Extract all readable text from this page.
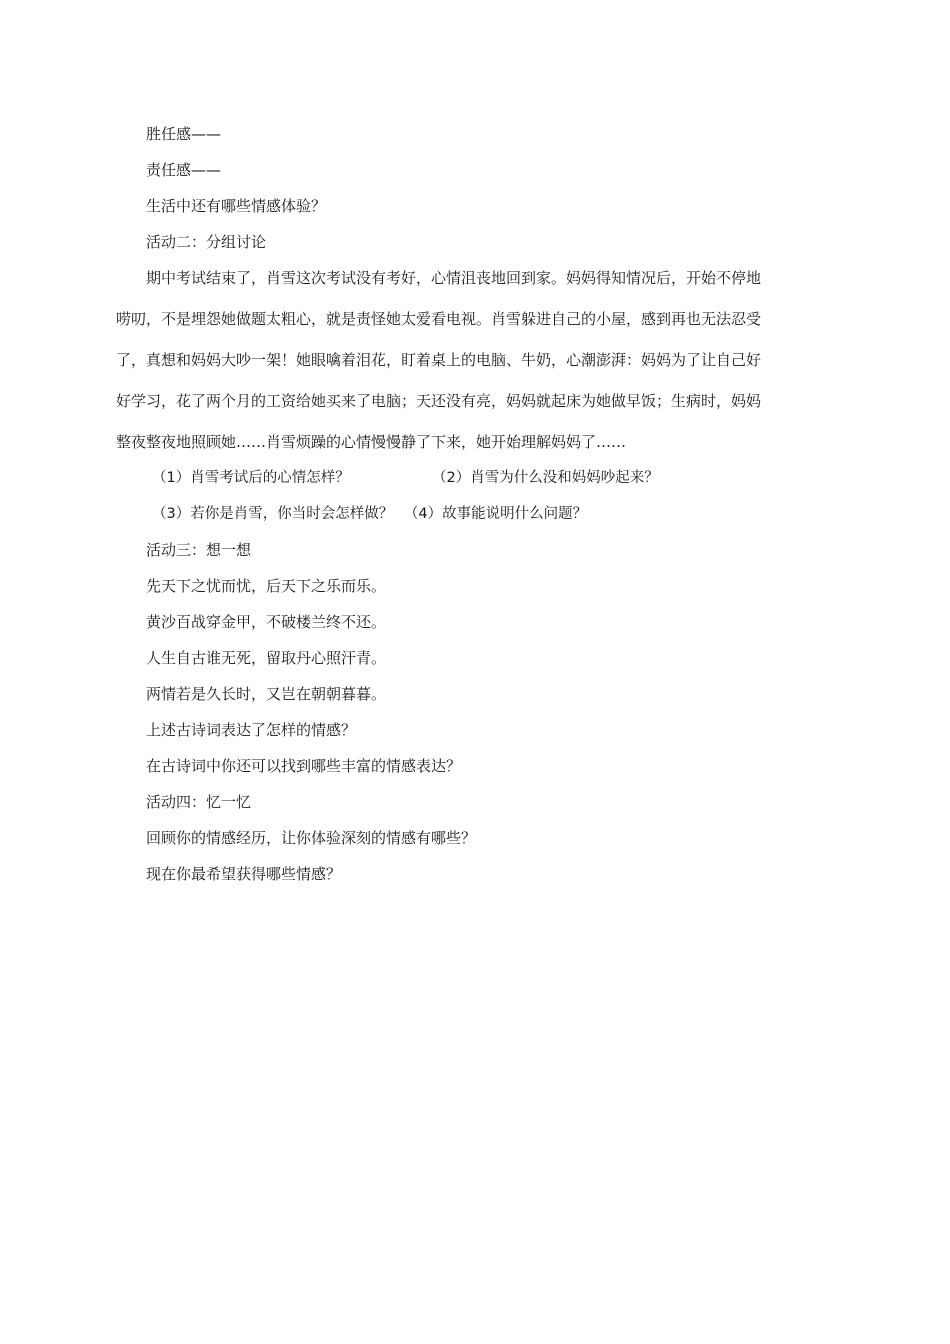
胜任感——
责任感——
生活中还有哪些情感体验？
活动二：分组讨论
期中考试结束了，肖雪这次考试没有考好，心情沮丧地回到家。妈妈得知情况后，开始不停地
唠叨，不是埋怨她做题太粗心，就是责怪她太爱看电视。肖雪躲进自己的小屋，感到再也无法忍受
了，真想和妈妈大吵一架！她眼噙着泪花，盯着桌上的电脑、牛奶，心潮澎湃：妈妈为了让自己好
好学习，花了两个月的工资给她买来了电脑；天还没有亮，妈妈就起床为她做早饭；生病时，妈妈
整夜整夜地照顾她……肖雪烦躁的心情慢慢静了下来，她开始理解妈妈了……
（1）肖雪考试后的心情怎样？	（2）肖雪为什么没和妈妈吵起来？
（3）若你是肖雪，你当时会怎样做？ （4）故事能说明什么问题？
活动三：想一想
先天下之忧而忧，后天下之乐而乐。
黄沙百战穿金甲，不破楼兰终不还。
人生自古谁无死，留取丹心照汗青。
两情若是久长时，又岂在朝朝暮暮。
上述古诗词表达了怎样的情感？
在古诗词中你还可以找到哪些丰富的情感表达？
活动四：忆一忆
回顾你的情感经历，让你体验深刻的情感有哪些？
现在你最希望获得哪些情感？
